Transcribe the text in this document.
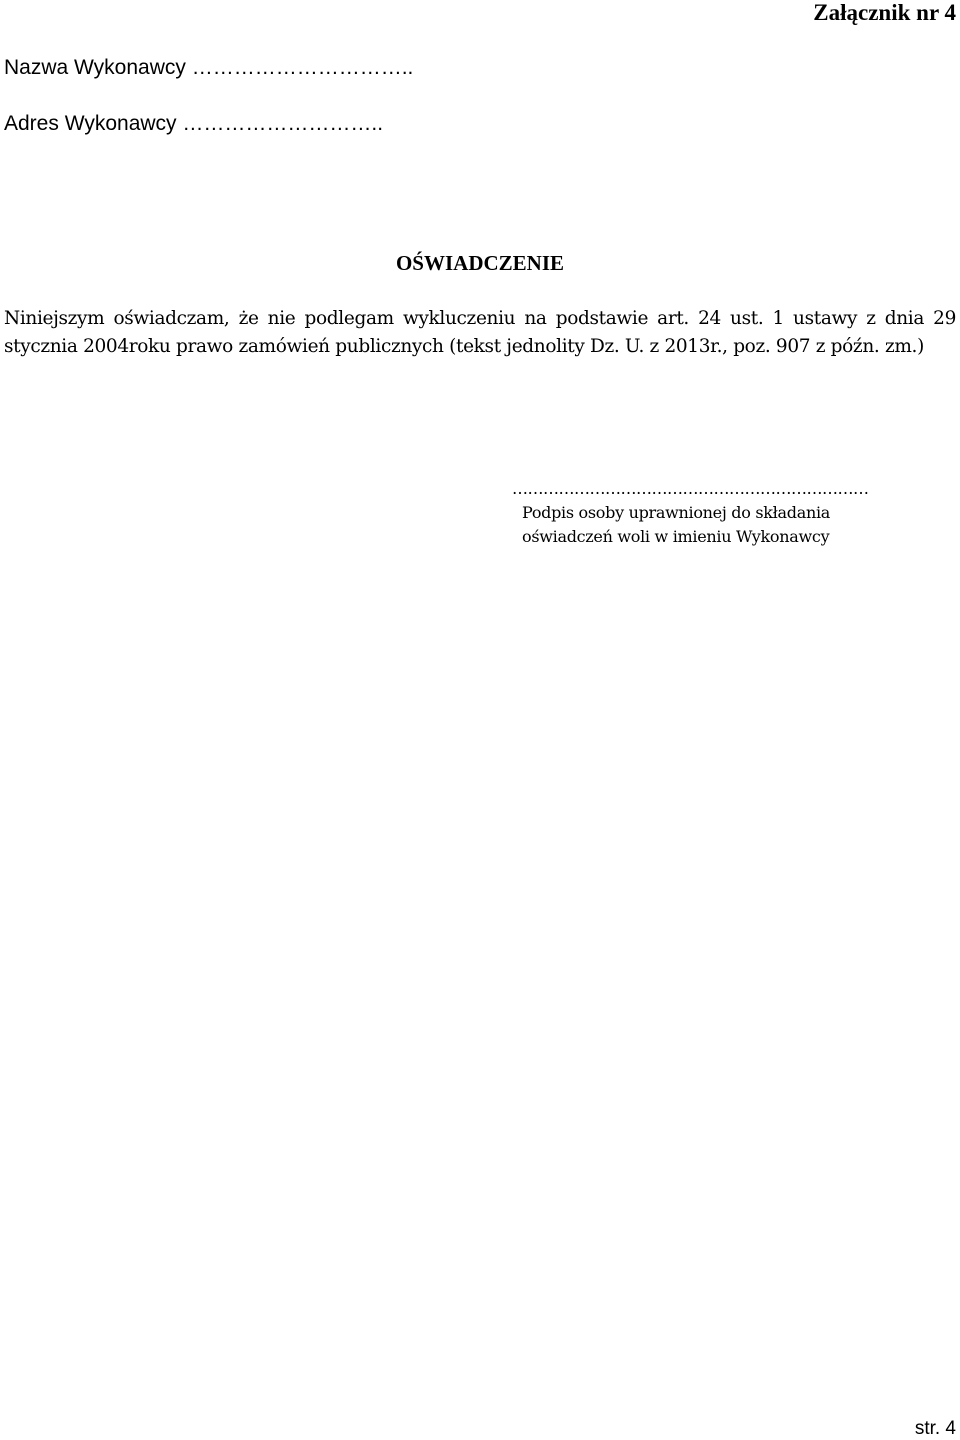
Załącznik nr 4
Nazwa Wykonawcy …………………………..
Adres Wykonawcy ………………………..
OŚWIADCZENIE

Niniejszym oświadczam, że nie podlegam wykluczeniu na podstawie art. 24 ust. 1 ustawy z dnia 29 stycznia 2004roku prawo zamówień publicznych (tekst jednolity Dz. U. z 2013r., poz. 907 z późn. zm.)

……………………………………………………………
Podpis osoby uprawnionej do składania
oświadczeń woli w imieniu Wykonawcy
str. 4
